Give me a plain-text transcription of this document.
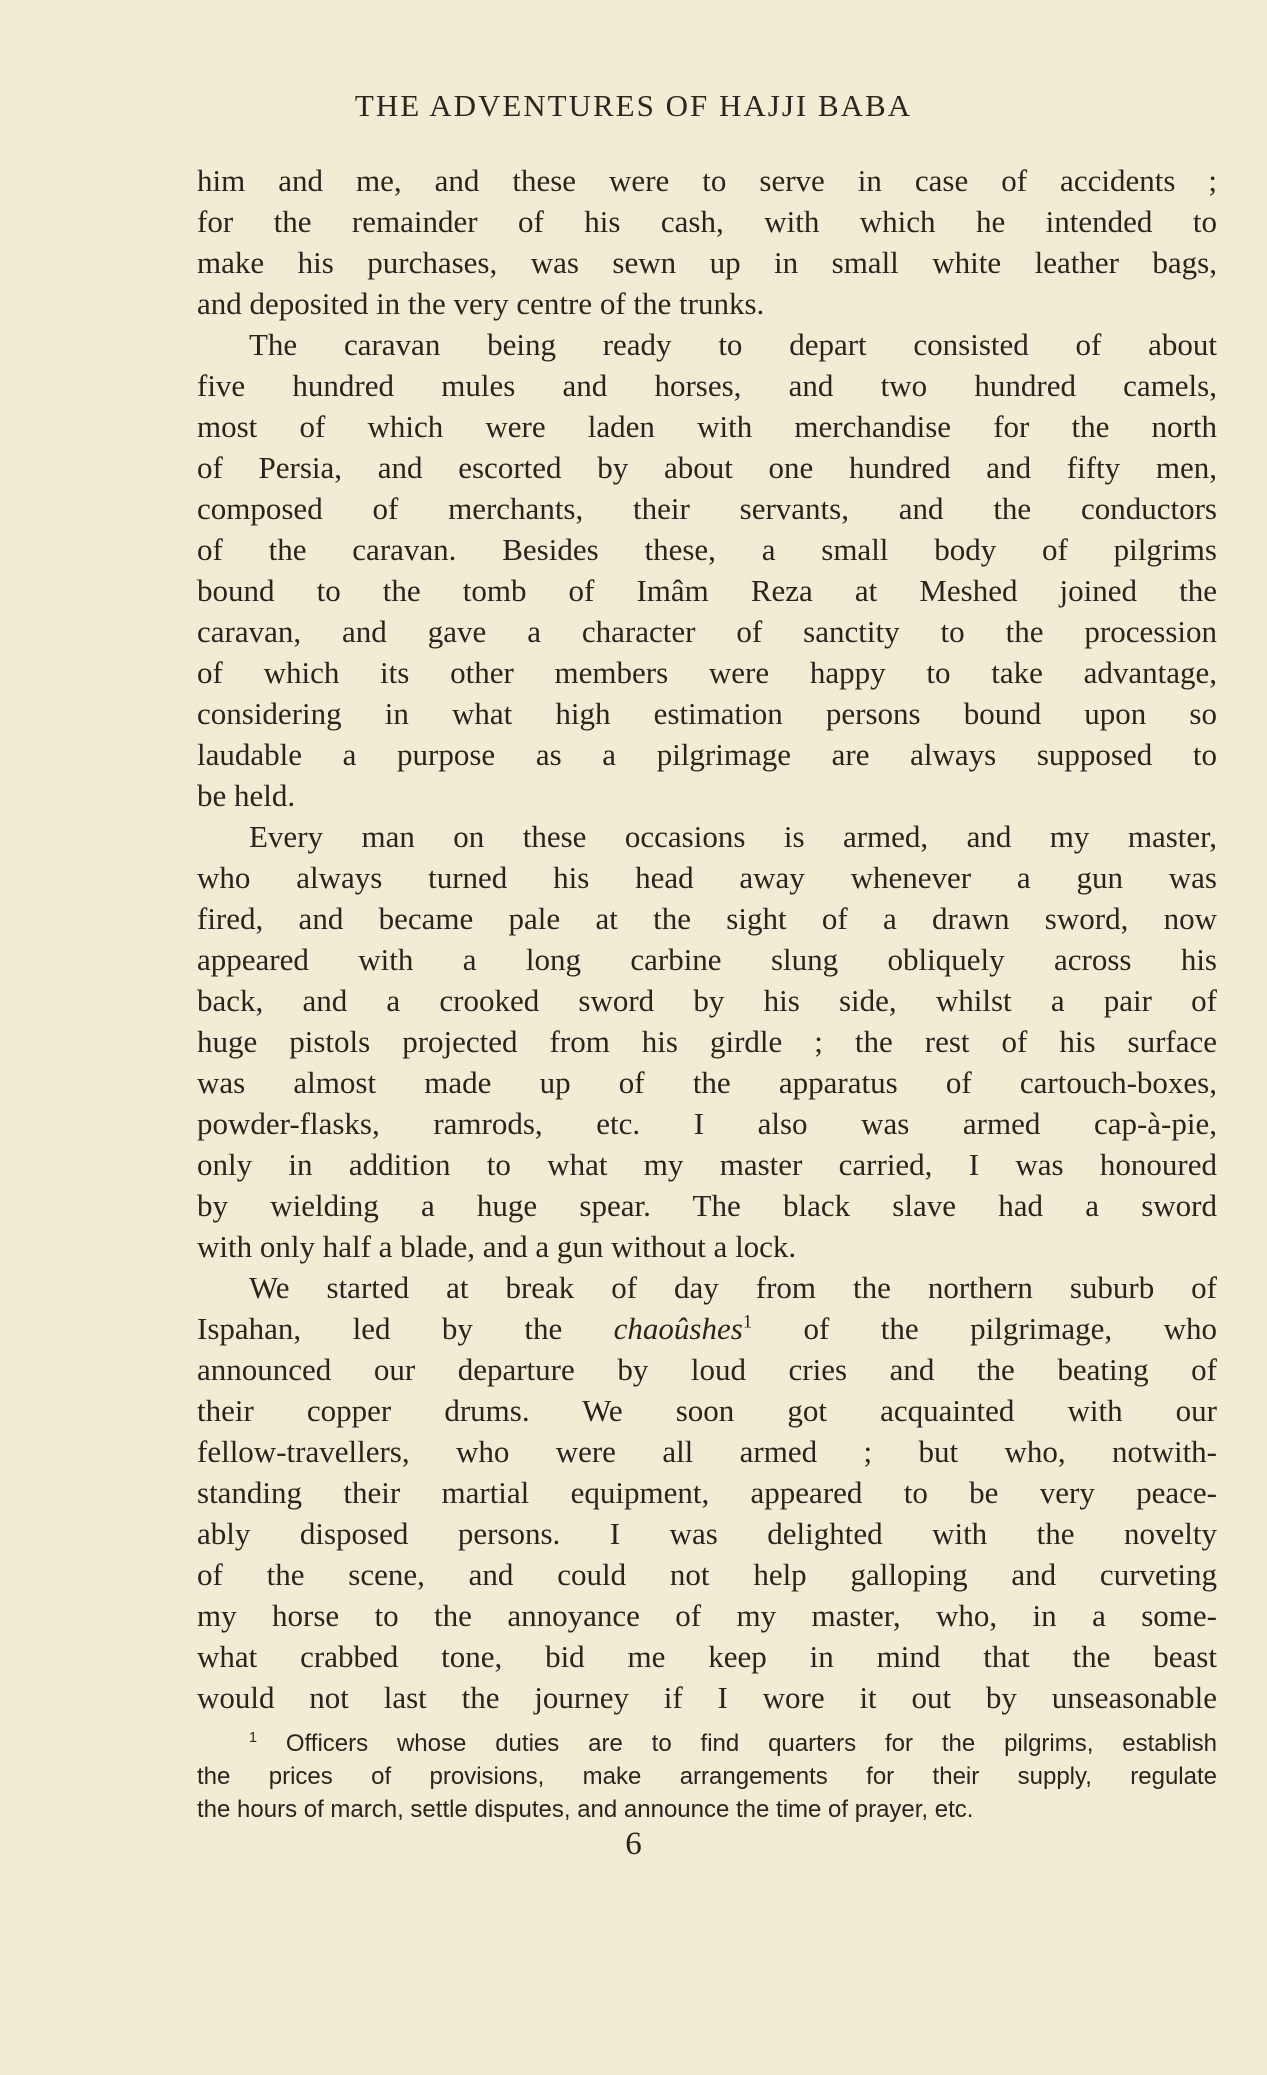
THE ADVENTURES OF HAJJI BABA
him and me, and these were to serve in case of accidents ;
for the remainder of his cash, with which he intended to
make his purchases, was sewn up in small white leather bags,
and deposited in the very centre of the trunks.
The caravan being ready to depart consisted of about
five hundred mules and horses, and two hundred camels,
most of which were laden with merchandise for the north
of Persia, and escorted by about one hundred and fifty men,
composed of merchants, their servants, and the conductors
of the caravan. Besides these, a small body of pilgrims
bound to the tomb of Imâm Reza at Meshed joined the
caravan, and gave a character of sanctity to the procession
of which its other members were happy to take advantage,
considering in what high estimation persons bound upon so
laudable a purpose as a pilgrimage are always supposed to
be held.
Every man on these occasions is armed, and my master,
who always turned his head away whenever a gun was
fired, and became pale at the sight of a drawn sword, now
appeared with a long carbine slung obliquely across his
back, and a crooked sword by his side, whilst a pair of
huge pistols projected from his girdle ; the rest of his surface
was almost made up of the apparatus of cartouch-boxes,
powder-flasks, ramrods, etc. I also was armed cap-à-pie,
only in addition to what my master carried, I was honoured
by wielding a huge spear. The black slave had a sword
with only half a blade, and a gun without a lock.
We started at break of day from the northern suburb of
Ispahan, led by the chaoûshes$^1$ of the pilgrimage, who
announced our departure by loud cries and the beating of
their copper drums. We soon got acquainted with our
fellow-travellers, who were all armed ; but who, notwith-
standing their martial equipment, appeared to be very peace-
ably disposed persons. I was delighted with the novelty
of the scene, and could not help galloping and curveting
my horse to the annoyance of my master, who, in a some-
what crabbed tone, bid me keep in mind that the beast
would not last the journey if I wore it out by unseasonable
$^1$ Officers whose duties are to find quarters for the pilgrims, establish
the prices of provisions, make arrangements for their supply, regulate
the hours of march, settle disputes, and announce the time of prayer, etc.
6
